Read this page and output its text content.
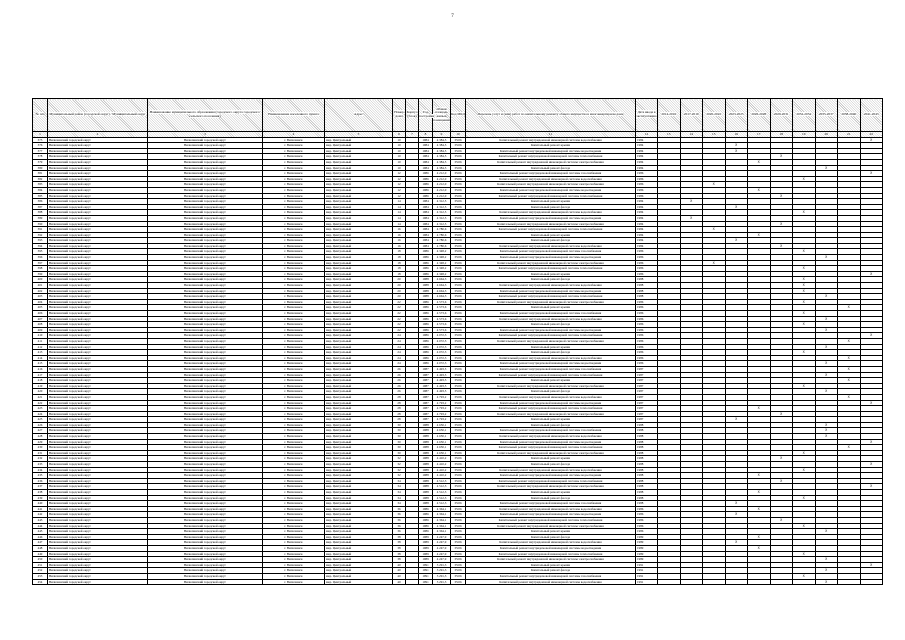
7
№ п/п	Муниципальный район (городской округ) / Муниципальный округ	Наименование муниципального образования (городского округа городского/сельского поселения)	Наименование населенного пункта	Адрес	Номер дома	Корпус (блок)	Год постройки	Общая площадь жилых помещений	Код МКД	Перечень услуг и (или) работ по капитальному ремонту общего имущества в многоквартирном доме	Дата ввода в эксплуатацию	2014-2016	2017-2019	2020-2022	2023-2025	2026-2028	2029-2031	2032-2034	2035-2037	2038-2040	2041-2043
1	2	3	4	5	6	7	8	9	10	11	12	13	14	15	16	17	18	19	20	21	22
375	Вилючинский городской округ	Вилючинский городской округ	г. Вилючинск	мкр. Центральный	10		1984	4 384,5	35:06	Капитальный ремонт внутридомовой инженерной системы водоснабжения	1984										X
376	Вилючинский городской округ	Вилючинский городской округ	г. Вилючинск	мкр. Центральный	10		1984	4 384,5	35:06	Капитальный ремонт крыши	1984				X						
377	Вилючинский городской округ	Вилючинский городской округ	г. Вилючинск	мкр. Центральный	10		1984	4 384,5	35:06	Капитальный ремонт внутридомовой инженерной системы водоотведения	1984				X						
378	Вилючинский городской округ	Вилючинский городской округ	г. Вилючинск	мкр. Центральный	10		1984	4 384,5	35:06	Капитальный ремонт внутридомовой инженерной системы теплоснабжения	1984						X				
379	Вилючинский городской округ	Вилючинский городской округ	г. Вилючинск	мкр. Центральный	10		1984	4 384,5	35:06	Капитальный ремонт внутридомовой инженерной системы электроснабжения	1984					X					
380	Вилючинский городской округ	Вилючинский городской округ	г. Вилючинск	мкр. Центральный	10		1984	4 384,5	35:06	Капитальный ремонт фасада	1984								X		
381	Вилючинский городской округ	Вилючинский городской округ	г. Вилючинск	мкр. Центральный	12		1986	4 212,0	35:06	Капитальный ремонт внутридомовой инженерной системы газоснабжения	1986										X
382	Вилючинский городской округ	Вилючинский городской округ	г. Вилючинск	мкр. Центральный	12		1986	4 212,0	35:06	Капитальный ремонт внутридомовой инженерной системы водоснабжения	1986							X			
383	Вилючинский городской округ	Вилючинский городской округ	г. Вилючинск	мкр. Центральный	12		1986	4 212,0	35:06	Капитальный ремонт внутридомовой инженерной системы электроснабжения	1986			X							
384	Вилючинский городской округ	Вилючинский городской округ	г. Вилючинск	мкр. Центральный	12		1986	4 212,0	35:06	Капитальный ремонт внутридомовой инженерной системы водоотведения	1986					X					
385	Вилючинский городской округ	Вилючинский городской округ	г. Вилючинск	мкр. Центральный	12		1986	4 212,0	35:06	Капитальный ремонт внутридомовой инженерной системы теплоснабжения	1986						X				
386	Вилючинский городской округ	Вилючинский городской округ	г. Вилючинск	мкр. Центральный	14		1984	4 312,5	35:06	Капитальный ремонт крыши	1984		X								
387	Вилючинский городской округ	Вилючинский городской округ	г. Вилючинск	мкр. Центральный	14		1984	4 312,5	35:06	Капитальный ремонт фасада	1984				X						
388	Вилючинский городской округ	Вилючинский городской округ	г. Вилючинск	мкр. Центральный	14		1984	4 312,5	35:06	Капитальный ремонт внутридомовой инженерной системы водоснабжения	1984							X			
389	Вилючинский городской округ	Вилючинский городской округ	г. Вилючинск	мкр. Центральный	14		1984	4 312,5	35:06	Капитальный ремонт внутридомовой инженерной системы водоотведения	1984		X								
390	Вилючинский городской округ	Вилючинский городской округ	г. Вилючинск	мкр. Центральный	14		1984	4 312,5	35:06	Капитальный ремонт внутридомовой инженерной системы электроснабжения	1984						X				
391	Вилючинский городской округ	Вилючинский городской округ	г. Вилючинск	мкр. Центральный	16		1984	4 780,6	35:06	Капитальный ремонт внутридомовой инженерной системы теплоснабжения	1984			X							
392	Вилючинский городской округ	Вилючинский городской округ	г. Вилючинск	мкр. Центральный	16		1984	4 780,6	35:06	Капитальный ремонт крыши	1984					X					
393	Вилючинский городской округ	Вилючинский городской округ	г. Вилючинск	мкр. Центральный	16		1984	4 780,6	35:06	Капитальный ремонт фасада	1984				X						
394	Вилючинский городской округ	Вилючинский городской округ	г. Вилючинск	мкр. Центральный	16		1984	4 780,6	35:06	Капитальный ремонт внутридомовой инженерной системы водоснабжения	1984						X				
395	Вилючинский городской округ	Вилючинский городской округ	г. Вилючинск	мкр. Центральный	18		1986	4 348,2	35:06	Капитальный ремонт внутридомовой инженерной системы газоснабжения	1986							X			
396	Вилючинский городской округ	Вилючинский городской округ	г. Вилючинск	мкр. Центральный	18		1986	4 348,2	35:06	Капитальный ремонт внутридомовой инженерной системы водоотведения	1986								X		
397	Вилючинский городской округ	Вилючинский городской округ	г. Вилючинск	мкр. Центральный	18		1986	4 348,2	35:06	Капитальный ремонт внутридомовой инженерной системы электроснабжения	1986			X							
398	Вилючинский городской округ	Вилючинский городской округ	г. Вилючинск	мкр. Центральный	18		1986	4 348,2	35:06	Капитальный ремонт внутридомовой инженерной системы теплоснабжения	1986							X			
399	Вилючинский городской округ	Вилючинский городской округ	г. Вилючинск	мкр. Центральный	18		1986	4 348,2	35:06	Капитальный ремонт крыши	1986										X
400	Вилючинский городской округ	Вилючинский городской округ	г. Вилючинск	мкр. Центральный	20		1988	4 664,3	35:06	Капитальный ремонт фасада	1988							X			
401	Вилючинский городской округ	Вилючинский городской округ	г. Вилючинск	мкр. Центральный	20		1988	4 664,3	35:06	Капитальный ремонт внутридомовой инженерной системы водоснабжения	1988							X			
402	Вилючинский городской округ	Вилючинский городской округ	г. Вилючинск	мкр. Центральный	20		1988	4 664,3	35:06	Капитальный ремонт внутридомовой инженерной системы водоотведения	1988							X			
403	Вилючинский городской округ	Вилючинский городской округ	г. Вилючинск	мкр. Центральный	20		1988	4 664,3	35:06	Капитальный ремонт внутридомовой инженерной системы теплоснабжения	1988								X		
404	Вилючинский городской округ	Вилючинский городской округ	г. Вилючинск	мкр. Центральный	22		1986	4 573,6	35:06	Капитальный ремонт внутридомовой инженерной системы электроснабжения	1986							X			
405	Вилючинский городской округ	Вилючинский городской округ	г. Вилючинск	мкр. Центральный	22		1986	4 573,6	35:06	Капитальный ремонт крыши	1986									X	
406	Вилючинский городской округ	Вилючинский городской округ	г. Вилючинск	мкр. Центральный	22		1986	4 573,6	35:06	Капитальный ремонт внутридомовой инженерной системы газоснабжения	1986							X			
407	Вилючинский городской округ	Вилючинский городской округ	г. Вилючинск	мкр. Центральный	22		1986	4 573,6	35:06	Капитальный ремонт внутридомовой инженерной системы водоснабжения	1986								X		
408	Вилючинский городской округ	Вилючинский городской округ	г. Вилючинск	мкр. Центральный	22		1986	4 573,6	35:06	Капитальный ремонт фасада	1986							X			
409	Вилючинский городской округ	Вилючинский городской округ	г. Вилючинск	мкр. Центральный	22		1986	4 573,6	35:06	Капитальный ремонт внутридомовой инженерной системы водоотведения	1986								X		
410	Вилючинский городской округ	Вилючинский городской округ	г. Вилючинск	мкр. Центральный	24		1986	4 072,3	35:06	Капитальный ремонт внутридомовой инженерной системы теплоснабжения	1986										X
411	Вилючинский городской округ	Вилючинский городской округ	г. Вилючинск	мкр. Центральный	24		1986	4 072,3	35:06	Капитальный ремонт внутридомовой инженерной системы электроснабжения	1986									X	
412	Вилючинский городской округ	Вилючинский городской округ	г. Вилючинск	мкр. Центральный	24		1986	4 072,3	35:06	Капитальный ремонт крыши	1986								X		
413	Вилючинский городской округ	Вилючинский городской округ	г. Вилючинск	мкр. Центральный	24		1986	4 072,3	35:06	Капитальный ремонт фасада	1986							X			
414	Вилючинский городской округ	Вилючинский городской округ	г. Вилючинск	мкр. Центральный	24		1986	4 072,3	35:06	Капитальный ремонт внутридомовой инженерной системы водоснабжения	1986									X	
415	Вилючинский городской округ	Вилючинский городской округ	г. Вилючинск	мкр. Центральный	24		1986	4 072,3	35:06	Капитальный ремонт внутридомовой инженерной системы водоотведения	1986								X		
416	Вилючинский городской округ	Вилючинский городской округ	г. Вилючинск	мкр. Центральный	26		1987	4 493,5	35:06	Капитальный ремонт внутридомовой инженерной системы газоснабжения	1987									X	
417	Вилючинский городской округ	Вилючинский городской округ	г. Вилючинск	мкр. Центральный	26		1987	4 493,5	35:06	Капитальный ремонт внутридомовой инженерной системы теплоснабжения	1987								X		
418	Вилючинский городской округ	Вилючинский городской округ	г. Вилючинск	мкр. Центральный	26		1987	4 493,5	35:06	Капитальный ремонт крыши	1987									X	
419	Вилючинский городской округ	Вилючинский городской округ	г. Вилючинск	мкр. Центральный	26		1987	4 493,5	35:06	Капитальный ремонт внутридомовой инженерной системы электроснабжения	1987							X			
420	Вилючинский городской округ	Вилючинский городской округ	г. Вилючинск	мкр. Центральный	26		1987	4 493,5	35:06	Капитальный ремонт фасада	1987								X		
421	Вилючинский городской округ	Вилючинский городской округ	г. Вилючинск	мкр. Центральный	28		1987	4 793,2	35:06	Капитальный ремонт внутридомовой инженерной системы водоснабжения	1987									X	
422	Вилючинский городской округ	Вилючинский городской округ	г. Вилючинск	мкр. Центральный	28		1987	4 793,2	35:06	Капитальный ремонт внутридомовой инженерной системы водоотведения	1987										X
423	Вилючинский городской округ	Вилючинский городской округ	г. Вилючинск	мкр. Центральный	28		1987	4 793,2	35:06	Капитальный ремонт внутридомовой инженерной системы теплоснабжения	1987					X					
424	Вилючинский городской округ	Вилючинский городской округ	г. Вилючинск	мкр. Центральный	28		1987	4 793,2	35:06	Капитальный ремонт внутридомовой инженерной системы электроснабжения	1987						X				
425	Вилючинский городской округ	Вилючинский городской округ	г. Вилючинск	мкр. Центральный	28		1987	4 793,2	35:06	Капитальный ремонт крыши	1987				X						
426	Вилючинский городской округ	Вилючинский городской округ	г. Вилючинск	мкр. Центральный	30		1988	4 650,1	35:06	Капитальный ремонт фасада	1988								X		
427	Вилючинский городской округ	Вилючинский городской округ	г. Вилючинск	мкр. Центральный	30		1988	4 650,1	35:06	Капитальный ремонт внутридомовой инженерной системы газоснабжения	1988								X		
428	Вилючинский городской округ	Вилючинский городской округ	г. Вилючинск	мкр. Центральный	30		1988	4 650,1	35:06	Капитальный ремонт внутридомовой инженерной системы водоснабжения	1988								X		
429	Вилючинский городской округ	Вилючинский городской округ	г. Вилючинск	мкр. Центральный	30		1988	4 650,1	35:06	Капитальный ремонт внутридомовой инженерной системы водоотведения	1988										X
430	Вилючинский городской округ	Вилючинский городской округ	г. Вилючинск	мкр. Центральный	30		1988	4 650,1	35:06	Капитальный ремонт внутридомовой инженерной системы теплоснабжения	1988									X	
431	Вилючинский городской округ	Вилючинский городской округ	г. Вилючинск	мкр. Центральный	30		1988	4 650,1	35:06	Капитальный ремонт внутридомовой инженерной системы электроснабжения	1988							X			
432	Вилючинский городской округ	Вилючинский городской округ	г. Вилючинск	мкр. Центральный	32		1988	4 410,2	35:06	Капитальный ремонт крыши	1988						X				
433	Вилючинский городской округ	Вилючинский городской округ	г. Вилючинск	мкр. Центральный	32		1988	4 410,2	35:06	Капитальный ремонт фасада	1988										X
434	Вилючинский городской округ	Вилючинский городской округ	г. Вилючинск	мкр. Центральный	32		1988	4 410,2	35:06	Капитальный ремонт внутридомовой инженерной системы водоснабжения	1988							X			
435	Вилючинский городской округ	Вилючинский городской округ	г. Вилючинск	мкр. Центральный	32		1988	4 410,2	35:06	Капитальный ремонт внутридомовой инженерной системы водоотведения	1988					X					
436	Вилючинский городской округ	Вилючинский городской округ	г. Вилючинск	мкр. Центральный	34		1988	4 512,3	35:06	Капитальный ремонт внутридомовой инженерной системы теплоснабжения	1988						X				
437	Вилючинский городской округ	Вилючинский городской округ	г. Вилючинск	мкр. Центральный	34		1988	4 512,3	35:06	Капитальный ремонт внутридомовой инженерной системы электроснабжения	1988										X
438	Вилючинский городской округ	Вилючинский городской округ	г. Вилючинск	мкр. Центральный	34		1988	4 512,3	35:06	Капитальный ремонт крыши	1988					X					
439	Вилючинский городской округ	Вилючинский городской округ	г. Вилючинск	мкр. Центральный	34		1988	4 512,3	35:06	Капитальный ремонт фасада	1988							X			
440	Вилючинский городской округ	Вилючинский городской округ	г. Вилючинск	мкр. Центральный	34		1988	4 512,3	35:06	Капитальный ремонт внутридомовой инженерной системы газоснабжения	1988				X						
441	Вилючинский городской округ	Вилючинский городской округ	г. Вилючинск	мкр. Центральный	36		1986	4 364,1	35:06	Капитальный ремонт внутридомовой инженерной системы водоснабжения	1986					X					
442	Вилючинский городской округ	Вилючинский городской округ	г. Вилючинск	мкр. Центральный	36		1986	4 364,1	35:06	Капитальный ремонт внутридомовой инженерной системы водоотведения	1986				X						
443	Вилючинский городской округ	Вилючинский городской округ	г. Вилючинск	мкр. Центральный	36		1986	4 364,1	35:06	Капитальный ремонт внутридомовой инженерной системы теплоснабжения	1986						X				
444	Вилючинский городской округ	Вилючинский городской округ	г. Вилючинск	мкр. Центральный	36		1986	4 364,1	35:06	Капитальный ремонт внутридомовой инженерной системы электроснабжения	1986							X			
445	Вилючинский городской округ	Вилючинский городской округ	г. Вилючинск	мкр. Центральный	36		1986	4 364,1	35:06	Капитальный ремонт крыши	1986								X		
446	Вилючинский городской округ	Вилючинский городской округ	г. Вилючинск	мкр. Центральный	38		1989	4 247,9	35:06	Капитальный ремонт фасада	1989					X					
447	Вилючинский городской округ	Вилючинский городской округ	г. Вилючинск	мкр. Центральный	38		1989	4 247,9	35:06	Капитальный ремонт внутридомовой инженерной системы водоснабжения	1989				X						
448	Вилючинский городской округ	Вилючинский городской округ	г. Вилючинск	мкр. Центральный	38		1989	4 247,9	35:06	Капитальный ремонт внутридомовой инженерной системы водоотведения	1989					X					
449	Вилючинский городской округ	Вилючинский городской округ	г. Вилючинск	мкр. Центральный	38		1989	4 247,9	35:06	Капитальный ремонт внутридомовой инженерной системы теплоснабжения	1989							X			
450	Вилючинский городской округ	Вилючинский городской округ	г. Вилючинск	мкр. Центральный	38		1989	4 247,9	35:06	Капитальный ремонт внутридомовой инженерной системы электроснабжения	1989								X		
451	Вилючинский городской округ	Вилючинский городской округ	г. Вилючинск	мкр. Центральный	40		1991	3 291,3	35:06	Капитальный ремонт крыши	1991										X
452	Вилючинский городской округ	Вилючинский городской округ	г. Вилючинск	мкр. Центральный	40		1991	3 291,3	35:06	Капитальный ремонт фасада	1991								X		
453	Вилючинский городской округ	Вилючинский городской округ	г. Вилючинск	мкр. Центральный	40		1991	3 291,3	35:06	Капитальный ремонт внутридомовой инженерной системы газоснабжения	1991							X			
454	Вилючинский городской округ	Вилючинский городской округ	г. Вилючинск	мкр. Центральный	40		1991	3 291,3	35:06	Капитальный ремонт внутридомовой инженерной системы водоснабжения	1991								X		
